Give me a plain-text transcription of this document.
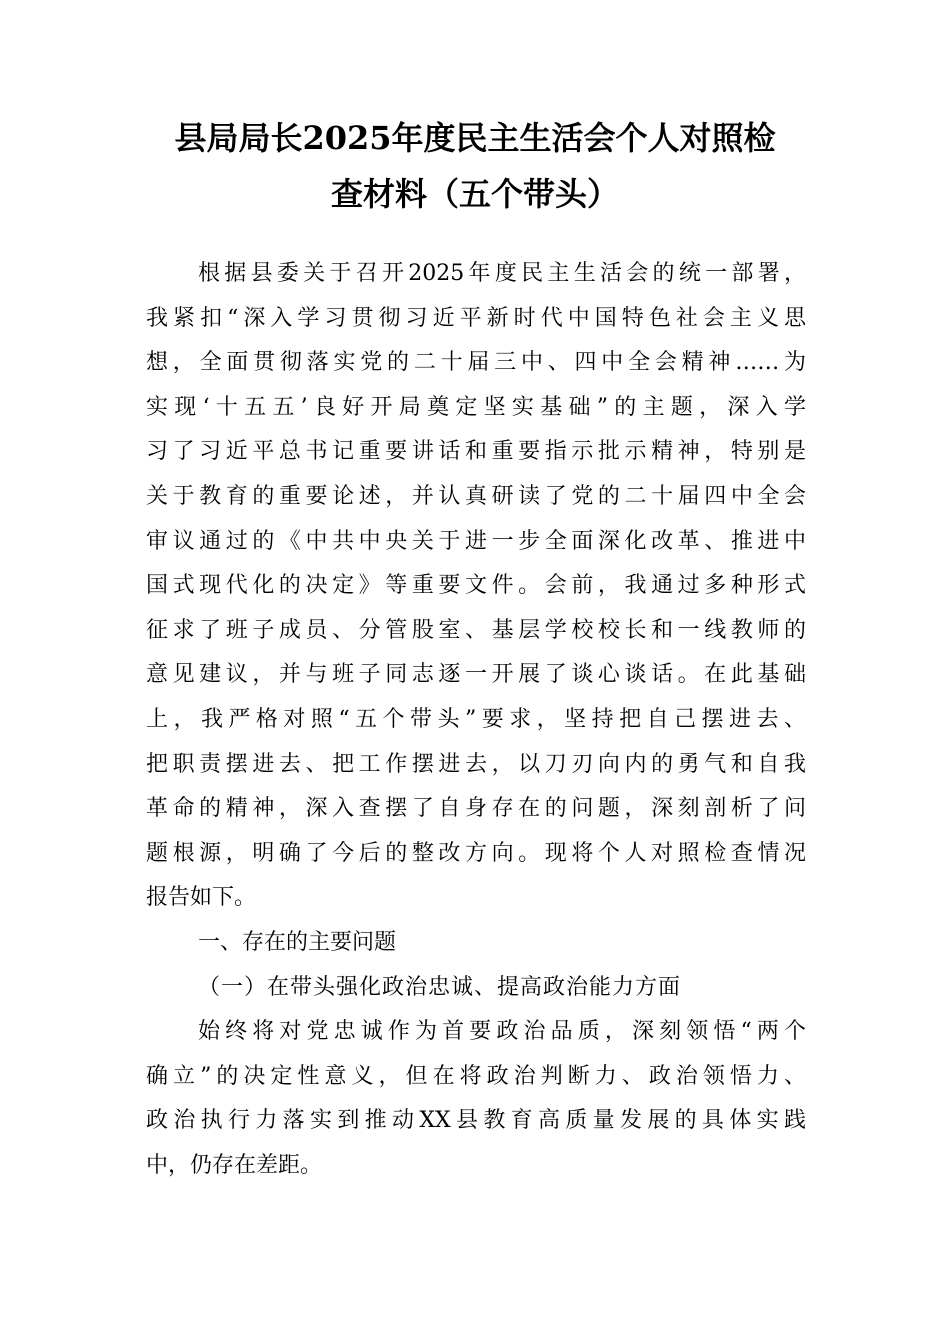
县局局长2025年度民主生活会个人对照检
查材料（五个带头）
根据县委关于召开2025年度民主生活会的统一部署，
我紧扣“深入学习贯彻习近平新时代中国特色社会主义思
想，全面贯彻落实党的二十届三中、四中全会精神……为
实现‘十五五’良好开局奠定坚实基础”的主题，深入学
习了习近平总书记重要讲话和重要指示批示精神，特别是
关于教育的重要论述，并认真研读了党的二十届四中全会
审议通过的《中共中央关于进一步全面深化改革、推进中
国式现代化的决定》等重要文件。会前，我通过多种形式
征求了班子成员、分管股室、基层学校校长和一线教师的
意见建议，并与班子同志逐一开展了谈心谈话。在此基础
上，我严格对照“五个带头”要求，坚持把自己摆进去、
把职责摆进去、把工作摆进去，以刀刃向内的勇气和自我
革命的精神，深入查摆了自身存在的问题，深刻剖析了问
题根源，明确了今后的整改方向。现将个人对照检查情况
报告如下。
一、存在的主要问题
（一）在带头强化政治忠诚、提高政治能力方面
始终将对党忠诚作为首要政治品质，深刻领悟“两个
确立”的决定性意义，但在将政治判断力、政治领悟力、
政治执行力落实到推动XX县教育高质量发展的具体实践
中，仍存在差距。
